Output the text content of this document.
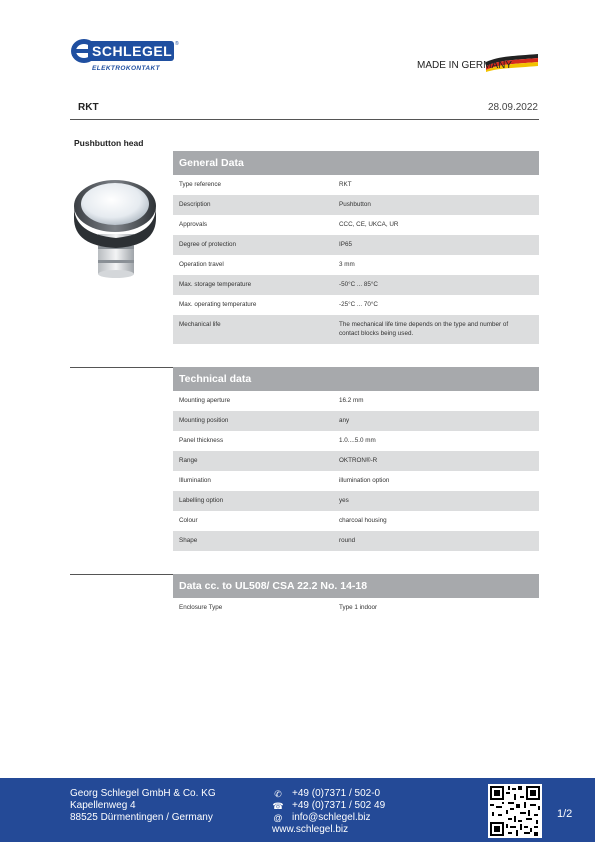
SCHLEGEL ®
ELEKTROKONTAKT	MADE IN GERMANY
RKT	28.09.2022
Pushbutton head
General Data
Type reference	RKT
Description	Pushbutton
Approvals	CCC, CE, UKCA, UR
Degree of protection	IP65
Operation travel	3 mm
Max. storage temperature	-50°C ... 85°C
Max. operating temperature	-25°C ... 70°C
Mechanical life	The mechanical life time depends on the type and number of contact blocks being used.
Technical data
Mounting aperture	16.2 mm
Mounting position	any
Panel thickness	1.0....5.0 mm
Range	OKTRON®-R
Illumination	illumination option
Labelling option	yes
Colour	charcoal housing
Shape	round
Data cc. to UL508/ CSA 22.2 No. 14-18
Enclosure Type	Type 1 indoor
Georg Schlegel GmbH & Co. KG
Kapellenweg 4
88525 Dürmentingen / Germany
✆ +49 (0)7371 / 502-0
☎ +49 (0)7371 / 502 49
@ info@schlegel.biz
www.schlegel.biz
1/2
